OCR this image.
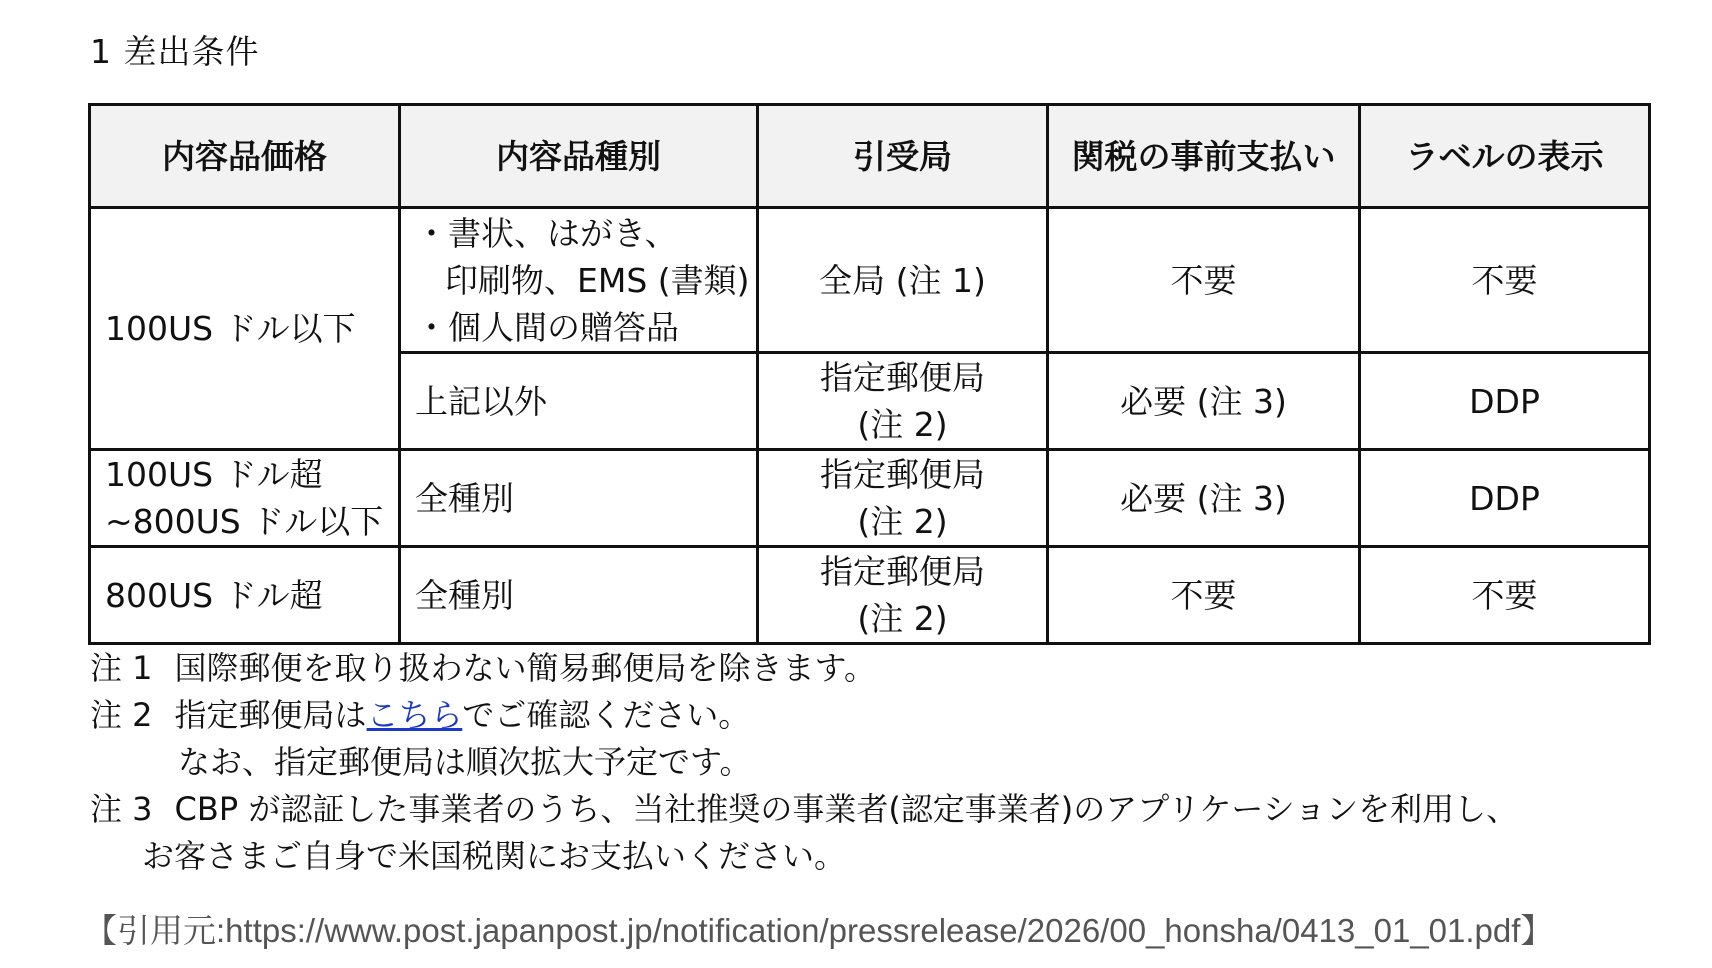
1 差出条件
内容品価格	内容品種別	引受局	関税の事前支払い	ラベルの表示
100US ドル以下	・書状、はがき、
印刷物、EMS (書類)
・個人間の贈答品	全局 (注 1)	不要	不要
	上記以外	指定郵便局
(注 2)	必要 (注 3)	DDP

100US ドル超
~800US ドル以下	全種別	指定郵便局
(注 2)	必要 (注 3)	DDP
800US ドル超	全種別	指定郵便局
(注 2)	不要	不要
注 1 国際郵便を取り扱わない簡易郵便局を除きます。
注 2 指定郵便局はこちらでご確認ください。
なお、指定郵便局は順次拡大予定です。
注 3 CBP が認証した事業者のうち、当社推奨の事業者(認定事業者)のアプリケーションを利用し、
お客さまご自身で米国税関にお支払いください。
【引用元:https://www.post.japanpost.jp/notification/pressrelease/2026/00_honsha/0413_01_01.pdf】
